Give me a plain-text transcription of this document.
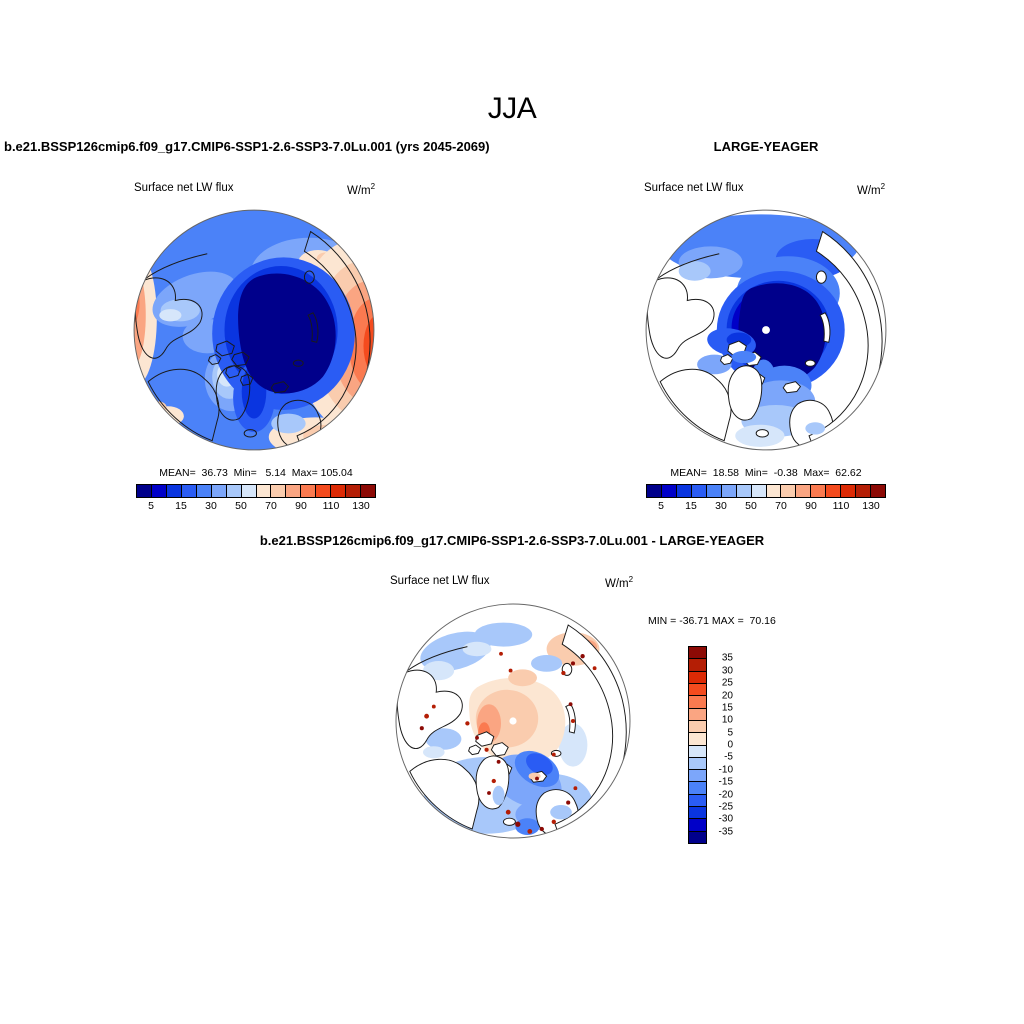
JJA
b.e21.BSSP126cmip6.f09_g17.CMIP6-SSP1-2.6-SSP3-7.0Lu.001 (yrs 2045-2069)	LARGE-YEAGER
Surface net LW flux	$W/m^2$	Surface net LW flux	$W/m^2$
MEAN=  36.73  Min=   5.14  Max= 105.04	MEAN=  18.58  Min=  -0.38  Max=  62.62
b.e21.BSSP126cmip6.f09_g17.CMIP6-SSP1-2.6-SSP3-7.0Lu.001 - LARGE-YEAGER
Surface net LW flux	$W/m^2$
MIN = -36.71 MAX =  70.16
5 15 30 50 70 90 110 130	5 15 30 50 70 90 110 130
35
30
25
20
15
10
5
0
-5
-10
-15
-20
-25
-30
-35
